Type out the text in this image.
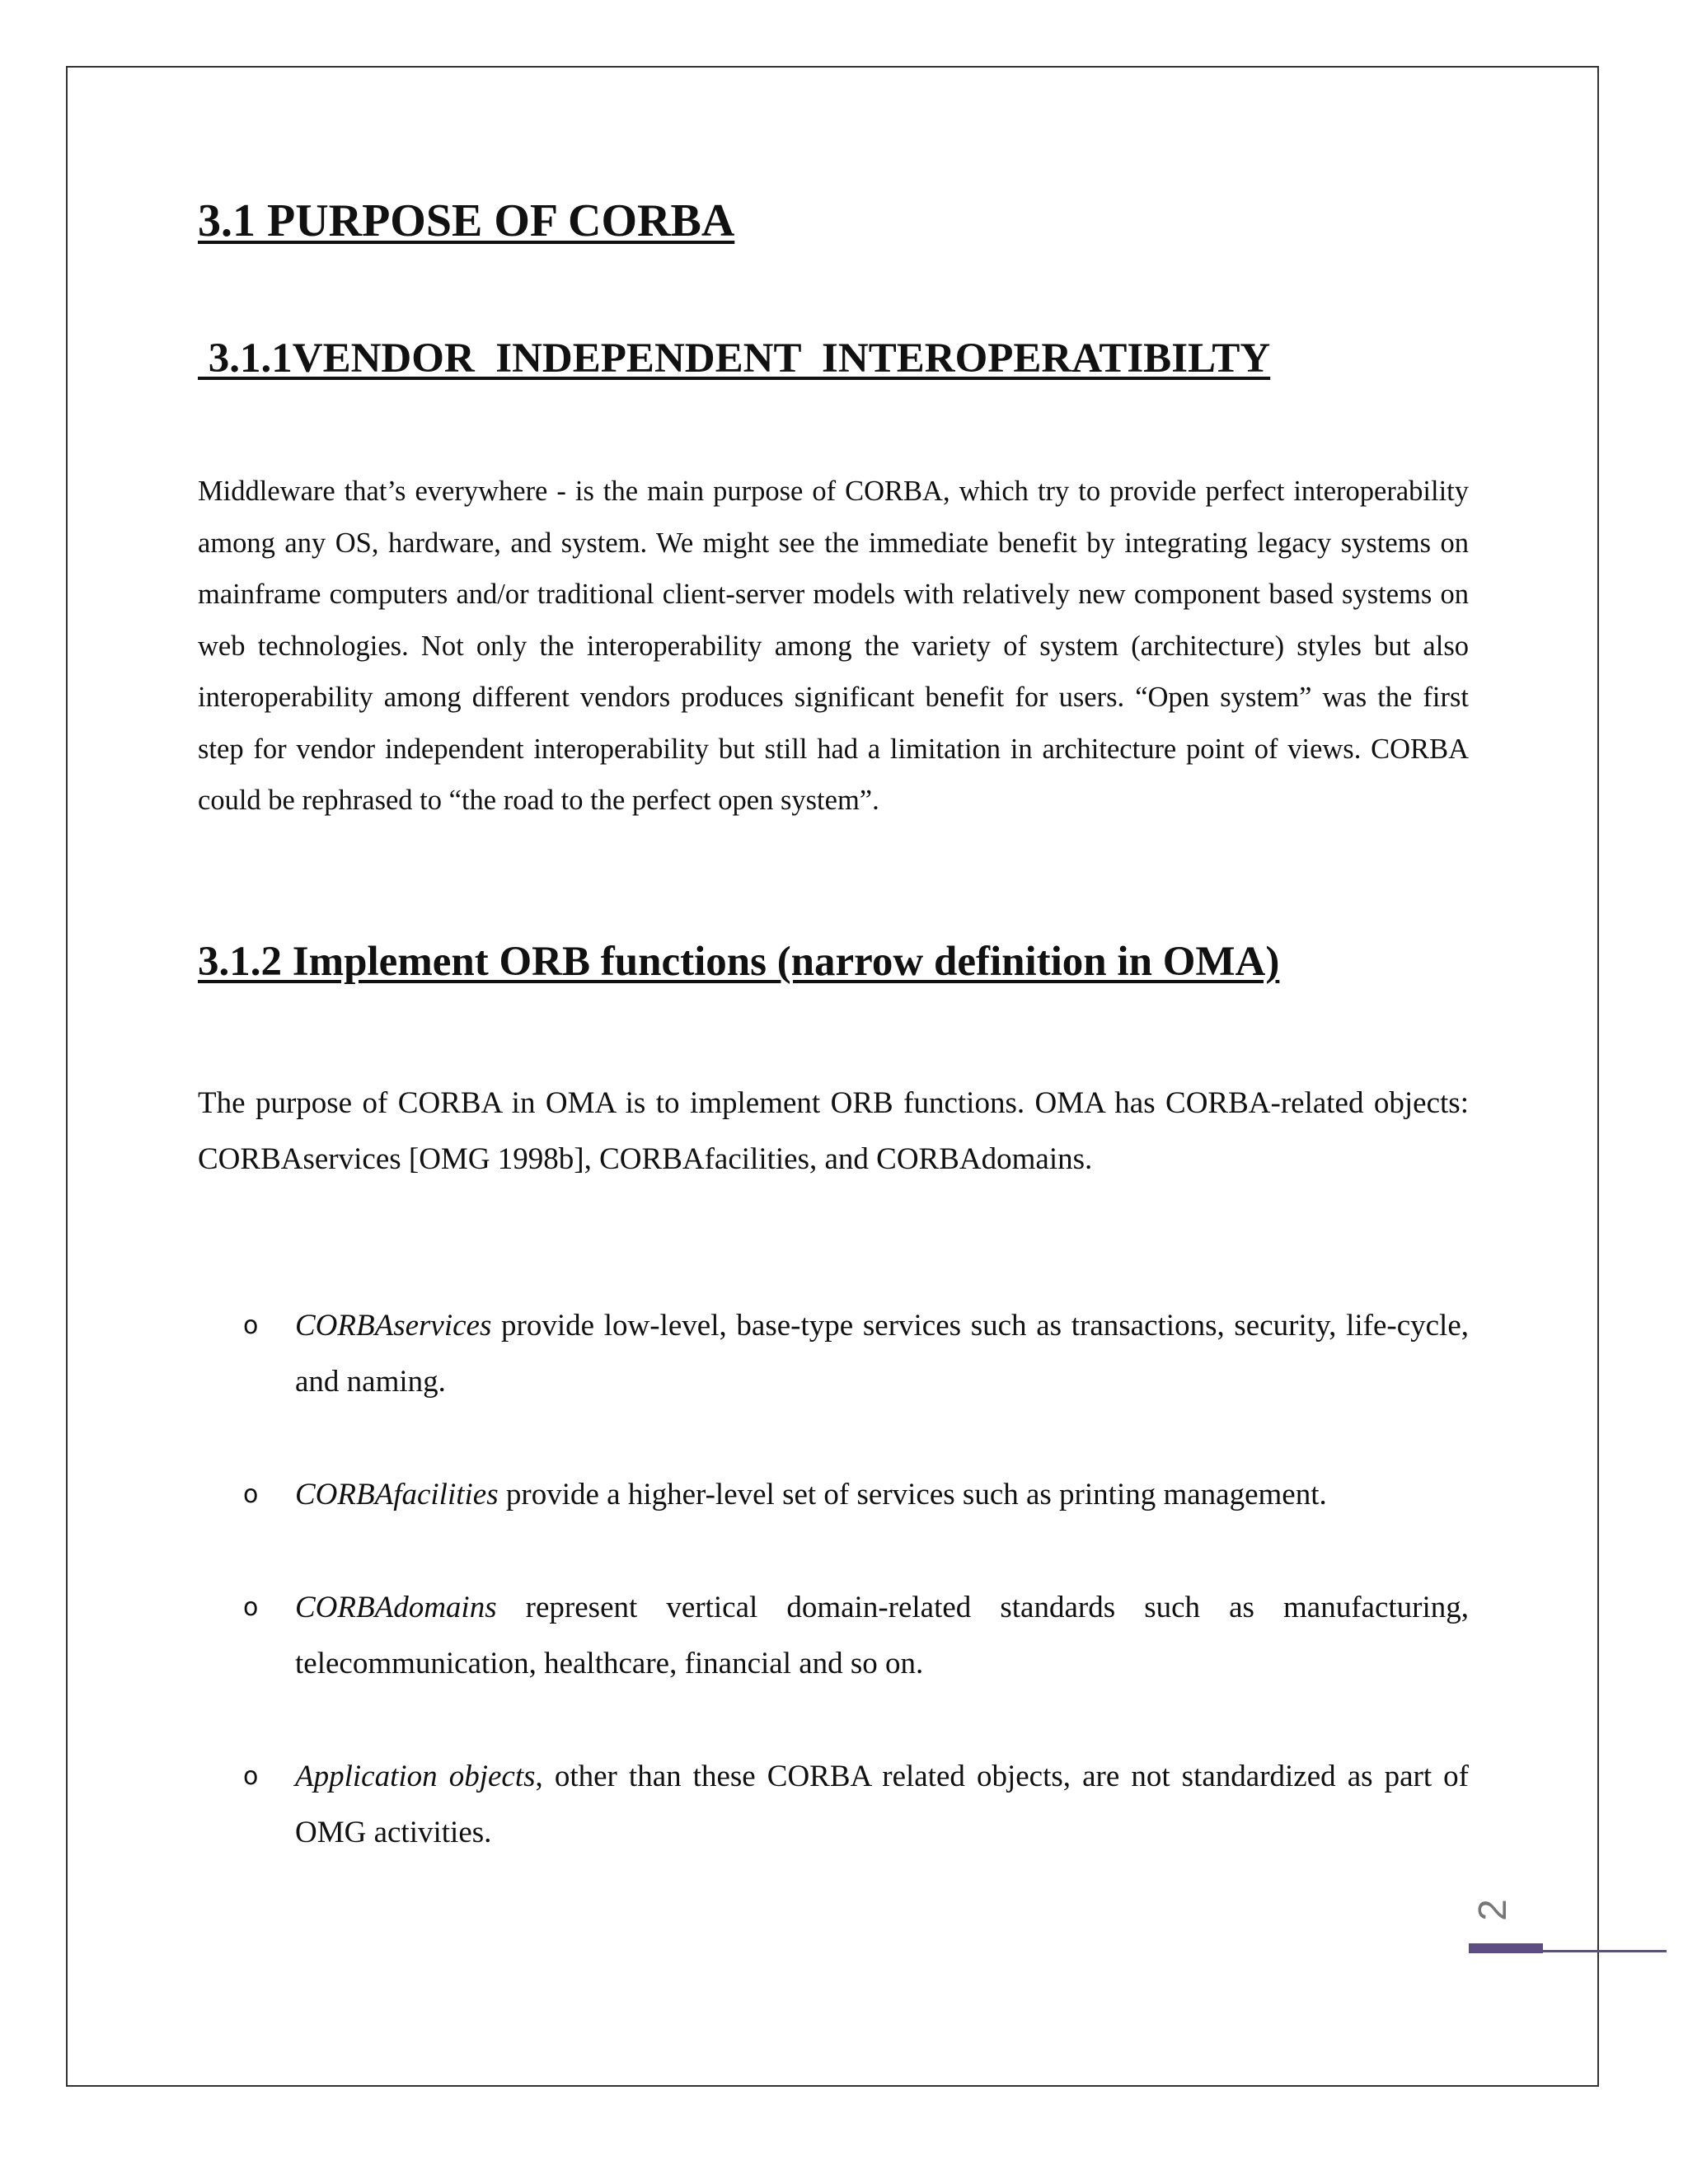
3.1 PURPOSE OF CORBA
3.1.1VENDOR  INDEPENDENT  INTEROPERATIBILTY
Middleware that’s everywhere - is the main purpose of CORBA, which try to provide perfect interoperability among any OS, hardware, and system. We might see the immediate benefit by integrating legacy systems on mainframe computers and/or traditional client-server models with relatively new component based systems on web technologies. Not only the interoperability among the variety of system (architecture) styles but also interoperability among different vendors produces significant benefit for users. “Open system” was the first step for vendor independent interoperability but still had a limitation in architecture point of views. CORBA could be rephrased to “the road to the perfect open system”.
3.1.2 Implement ORB functions (narrow definition in OMA)
The purpose of CORBA in OMA is to implement ORB functions. OMA has CORBA-related objects: CORBAservices [OMG 1998b], CORBAfacilities, and CORBAdomains.
o CORBAservices provide low-level, base-type services such as transactions, security, life-cycle, and naming.
o CORBAfacilities provide a higher-level set of services such as printing management.
o CORBAdomains represent vertical domain-related standards such as manufacturing, telecommunication, healthcare, financial and so on.
o Application objects, other than these CORBA related objects, are not standardized as part of OMG activities.
2
